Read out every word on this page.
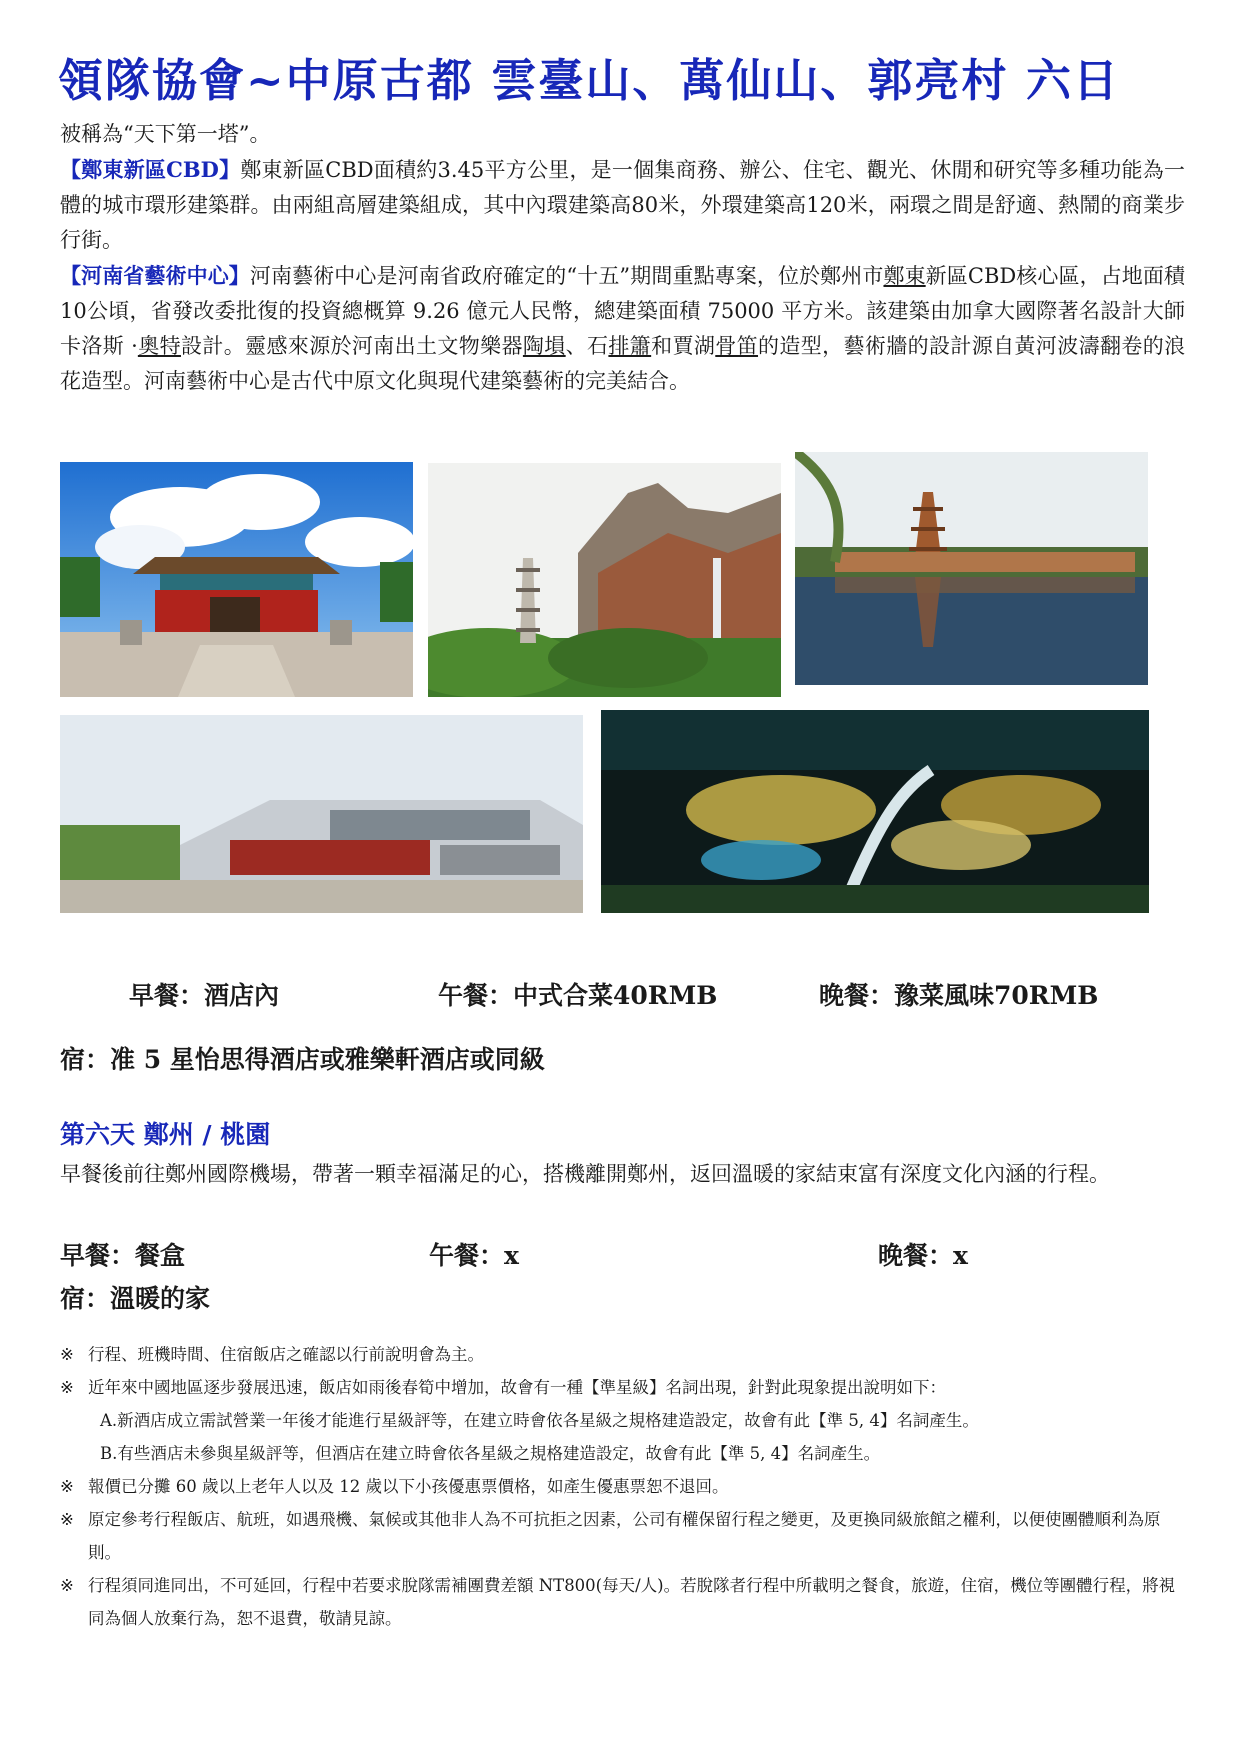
領隊協會~中原古都 雲臺山、萬仙山、郭亮村 六日

被稱為“天下第一塔”。

【鄭東新區CBD】鄭東新區CBD面積約3.45平方公里，是一個集商務、辦公、住宅、觀光、休閒和研究等多種功能為一體的城市環形建築群。由兩組高層建築組成，其中內環建築高80米，外環建築高120米，兩環之間是舒適、熱鬧的商業步行街。

【河南省藝術中心】河南藝術中心是河南省政府確定的“十五”期間重點專案，位於鄭州市鄭東新區CBD核心區，占地面積10公頃，省發改委批復的投資總概算 9.26 億元人民幣，總建築面積 75000 平方米。該建築由加拿大國際著名設計大師卡洛斯 ·奧特設計。靈感來源於河南出土文物樂器陶塤、石排簫和賈湖骨笛的造型，藝術牆的設計源自黃河波濤翻卷的浪花造型。河南藝術中心是古代中原文化與現代建築藝術的完美結合。

早餐：酒店內	午餐：中式合菜40RMB	晚餐：豫菜風味70RMB
宿：准 5 星怡思得酒店或雅樂軒酒店或同級
第六天 鄭州 / 桃園

早餐後前往鄭州國際機場，帶著一顆幸福滿足的心，搭機離開鄭州，返回溫暖的家結束富有深度文化內涵的行程。

早餐：餐盒	午餐：x	晚餐：x
宿：溫暖的家
※ 行程、班機時間、住宿飯店之確認以行前說明會為主。
※ 近年來中國地區逐步發展迅速，飯店如雨後春筍中增加，故會有一種【準星級】名詞出現，針對此現象提出說明如下：
A.新酒店成立需試營業一年後才能進行星級評等，在建立時會依各星級之規格建造設定，故會有此【準 5, 4】名詞產生。
B.有些酒店未參與星級評等，但酒店在建立時會依各星級之規格建造設定，故會有此【準 5, 4】名詞產生。
※ 報價已分攤 60 歲以上老年人以及 12 歲以下小孩優惠票價格，如產生優惠票恕不退回。
※ 原定參考行程飯店、航班，如遇飛機、氣候或其他非人為不可抗拒之因素，公司有權保留行程之變更，及更換同級旅館之權利，以便使團體順利為原則。
※ 行程須同進同出，不可延回，行程中若要求脫隊需補團費差額 NT800(每天/人)。若脫隊者行程中所載明之餐食，旅遊，住宿，機位等團體行程，將視同為個人放棄行為，恕不退費，敬請見諒。
